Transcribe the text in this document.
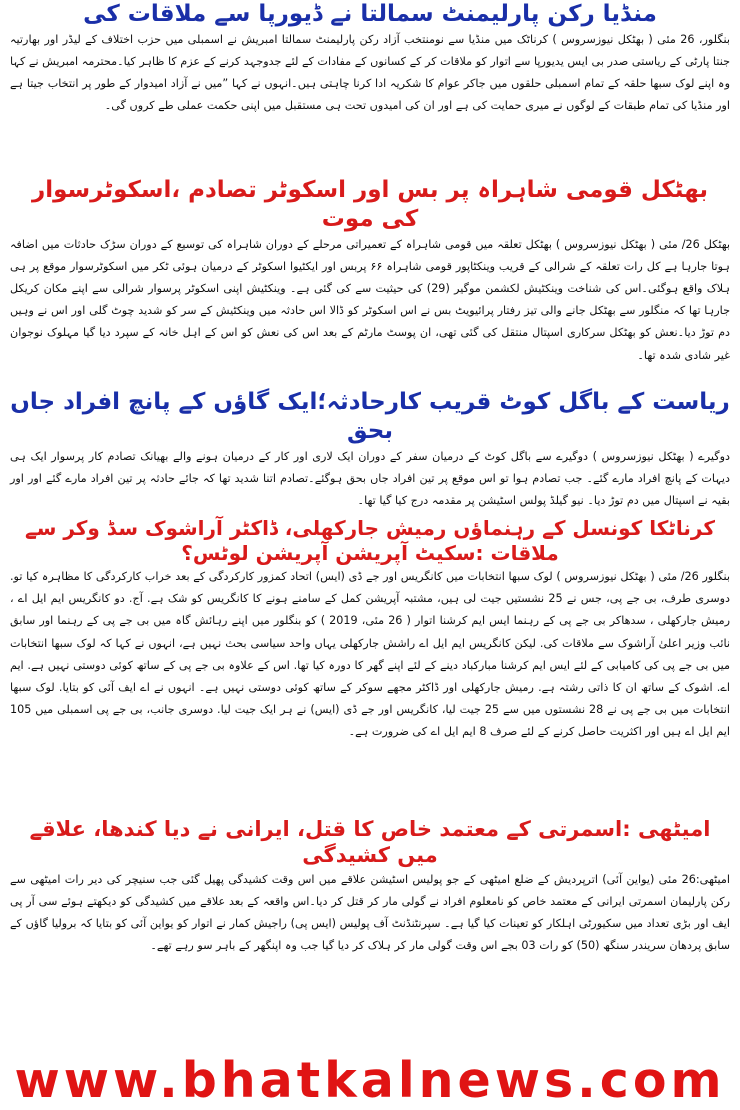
منڈیا رکن پارلیمنٹ سمالتا نے ڈیورپا سے ملاقات کی

بنگلور، 26 مئی ( بھٹکل نیوزسروس ) کرناٹک میں منڈیا سے نومنتخب آزاد رکن پارلیمنٹ سمالتا امبریش نے اسمبلی میں حزب اختلاف کے لیڈر اور بھارتیہ جنتا پارٹی کے ریاستی صدر بی ایس یدیورپا سے اتوار کو ملاقات کر کے کسانوں کے مفادات کے لئے جدوجہد کرنے کے عزم کا ظاہر کیا۔محترمہ امبریش نے کہا وہ اپنے لوک سبھا حلقہ کے تمام اسمبلی حلقوں میں جاکر عوام کا شکریہ ادا کرنا چاہتی ہیں۔انہوں نے کہا ”میں نے آزاد امیدوار کے طور پر انتخاب جیتا ہے اور منڈیا کی تمام طبقات کے لوگوں نے میری حمایت کی ہے اور ان کی امیدوں تحت ہی مستقبل میں اپنی حکمت عملی طے کروں گی۔

بھٹکل قومی شاہراہ پر بس اور اسکوٹر تصادم ،اسکوٹرسوار کی موت

بھٹکل 26/ مئی ( بھٹکل نیوزسروس ) بھٹکل تعلقہ میں قومی شاہراہ کے تعمیراتی مرحلے کے دوران شاہراہ کی توسیع کے دوران سڑک حادثات میں اضافہ ہوتا جارہا ہے کل رات تعلقہ کے شرالی کے قریب وینکٹاپور قومی شاہراہ ۶۶ پربس اور ایکٹیوا اسکوٹر کے درمیان ہوئی ٹکر میں اسکوٹرسوار موقع پر ہی ہلاک واقع ہوگئی۔اس کی شناخت وینکٹیش لکشمن موگیر (29) کی حیثیت سے کی گئی ہے۔ وینکٹیش اپنی اسکوٹر پرسوار شرالی سے اپنے مکان کریکل جارہا تھا کہ منگلور سے بھٹکل جانے والی تیز رفتار پرائیویٹ بس نے اس اسکوٹر کو ڈالا اس حادثہ میں وینکٹیش کے سر کو شدید چوٹ گلی اور اس نے وہیں دم توڑ دیا۔نعش کو بھٹکل سرکاری اسپتال منتقل کی گئی تھی، ان پوسٹ مارٹم کے بعد اس کی نعش کو اس کے اہل خانہ کے سپرد دیا گیا مہلوک نوجوان غیر شادی شدہ تھا۔

ریاست کے باگل کوٹ قریب کارحادثہ؛ایک گاؤں کے پانچ افراد جاں بحق

دوگیرے ( بھٹکل نیوزسروس ) دوگیرے سے باگل کوٹ کے درمیان سفر کے دوران ایک لاری اور کار کے درمیان ہونے والے بھیانک تصادم کار پرسوار ایک ہی دیہات کے پانچ افراد مارے گئے۔ جب تصادم ہوا تو اس موقع پر تین افراد جاں بحق ہوگئے۔تصادم اتنا شدید تھا کہ جائے حادثہ پر تین افراد مارے گئے اور اور بقیہ نے اسپتال میں دم توڑ دیا۔ نیو گیلڈ پولس اسٹیشن پر مقدمہ درج کیا گیا تھا۔

کرناٹکا کونسل کے رہنماؤں رمیش جارکھلی، ڈاکٹر آراشوک سڈ وکر سے ملاقات :سکیٹ آپریشن آپریشن لوٹس؟

بنگلور 26/ مئی ( بھٹکل نیوزسروس ) لوک سبھا انتخابات میں کانگریس اور جے ڈی (ایس) اتحاد کمزور کارکردگی کے بعد خراب کارکردگی کا مظاہرہ کیا تو. دوسری طرف، بی جے پی، جس نے 25 نشستیں جیت لی ہیں، مشتبہ آپریشن کمل کے سامنے ہونے کا کانگریس کو شک ہے. آج. دو کانگریس ایم ایل اے ، رمیش جارکھلی ، سدھاکر بی جے پی کے رہنما ایس ایم کرشنا اتوار ( 26 مئی، 2019 ) کو بنگلور میں اپنے رہائش گاہ میں بی جے پی کے رہنما اور سابق نائب وزیر اعلیٰ آراشوک سے ملاقات کی. لیکن کانگریس ایم ایل اے راشش جارکھلی یہاں واحد سیاسی بحث نہیں ہے، انہوں نے کہا کہ لوک سبھا انتخابات میں بی جے پی کی کامیابی کے لئے ایس ایم کرشنا مبارکباد دینے کے لئے اپنے گھر کا دورہ کیا تھا. اس کے علاوہ بی جے پی کے ساتھ کوئی دوستی نہیں ہے. ایم اے. اشوک کے ساتھ ان کا ذاتی رشتہ ہے. رمیش جارکھلی اور ڈاکٹر مجھے سوکر کے ساتھ کوئی دوستی نہیں ہے۔ انہوں نے اے ایف آئی کو بتایا. لوک سبھا انتخابات میں بی جے پی نے 28 نشستوں میں سے 25 جیت لیا، کانگریس اور جے ڈی (ایس) نے ہر ایک جیت لیا. دوسری جانب، بی جے پی اسمبلی میں 105 ایم ایل اے ہیں اور اکثریت حاصل کرنے کے لئے صرف 8 ایم ایل اے کی ضرورت ہے۔

امیٹھی :اسمرتی کے معتمد خاص کا قتل، ایرانی نے دیا کندھا، علاقے میں کشیدگی

امیٹھی:26 مئی (یواین آئی) اترپردیش کے ضلع امیٹھی کے جو پولیس اسٹیشن علاقے میں اس وقت کشیدگی پھیل گئی جب سنیچر کی دیر رات امیٹھی سے رکن پارلیمان اسمرتی ایرانی کے معتمد خاص کو نامعلوم افراد نے گولی مار کر قتل کر دیا۔اس واقعہ کے بعد علاقے میں کشیدگی کو دیکھتے ہوئے سی آر پی ایف اور بڑی تعداد میں سکیورٹی اہلکار کو تعینات کیا گیا ہے۔ سپرنٹنڈنٹ آف پولیس (ایس پی) راجیش کمار نے اتوار کو یواین آئی کو بتایا کہ بروليا گاؤں کے سابق پردھان سریندر سنگھ (50) کو رات 03 بجے اس وقت گولی مار کر ہلاک کر دیا گیا جب وہ اپنگھر کے باہر سو رہے تھے۔

www.bhatkalnews.com
